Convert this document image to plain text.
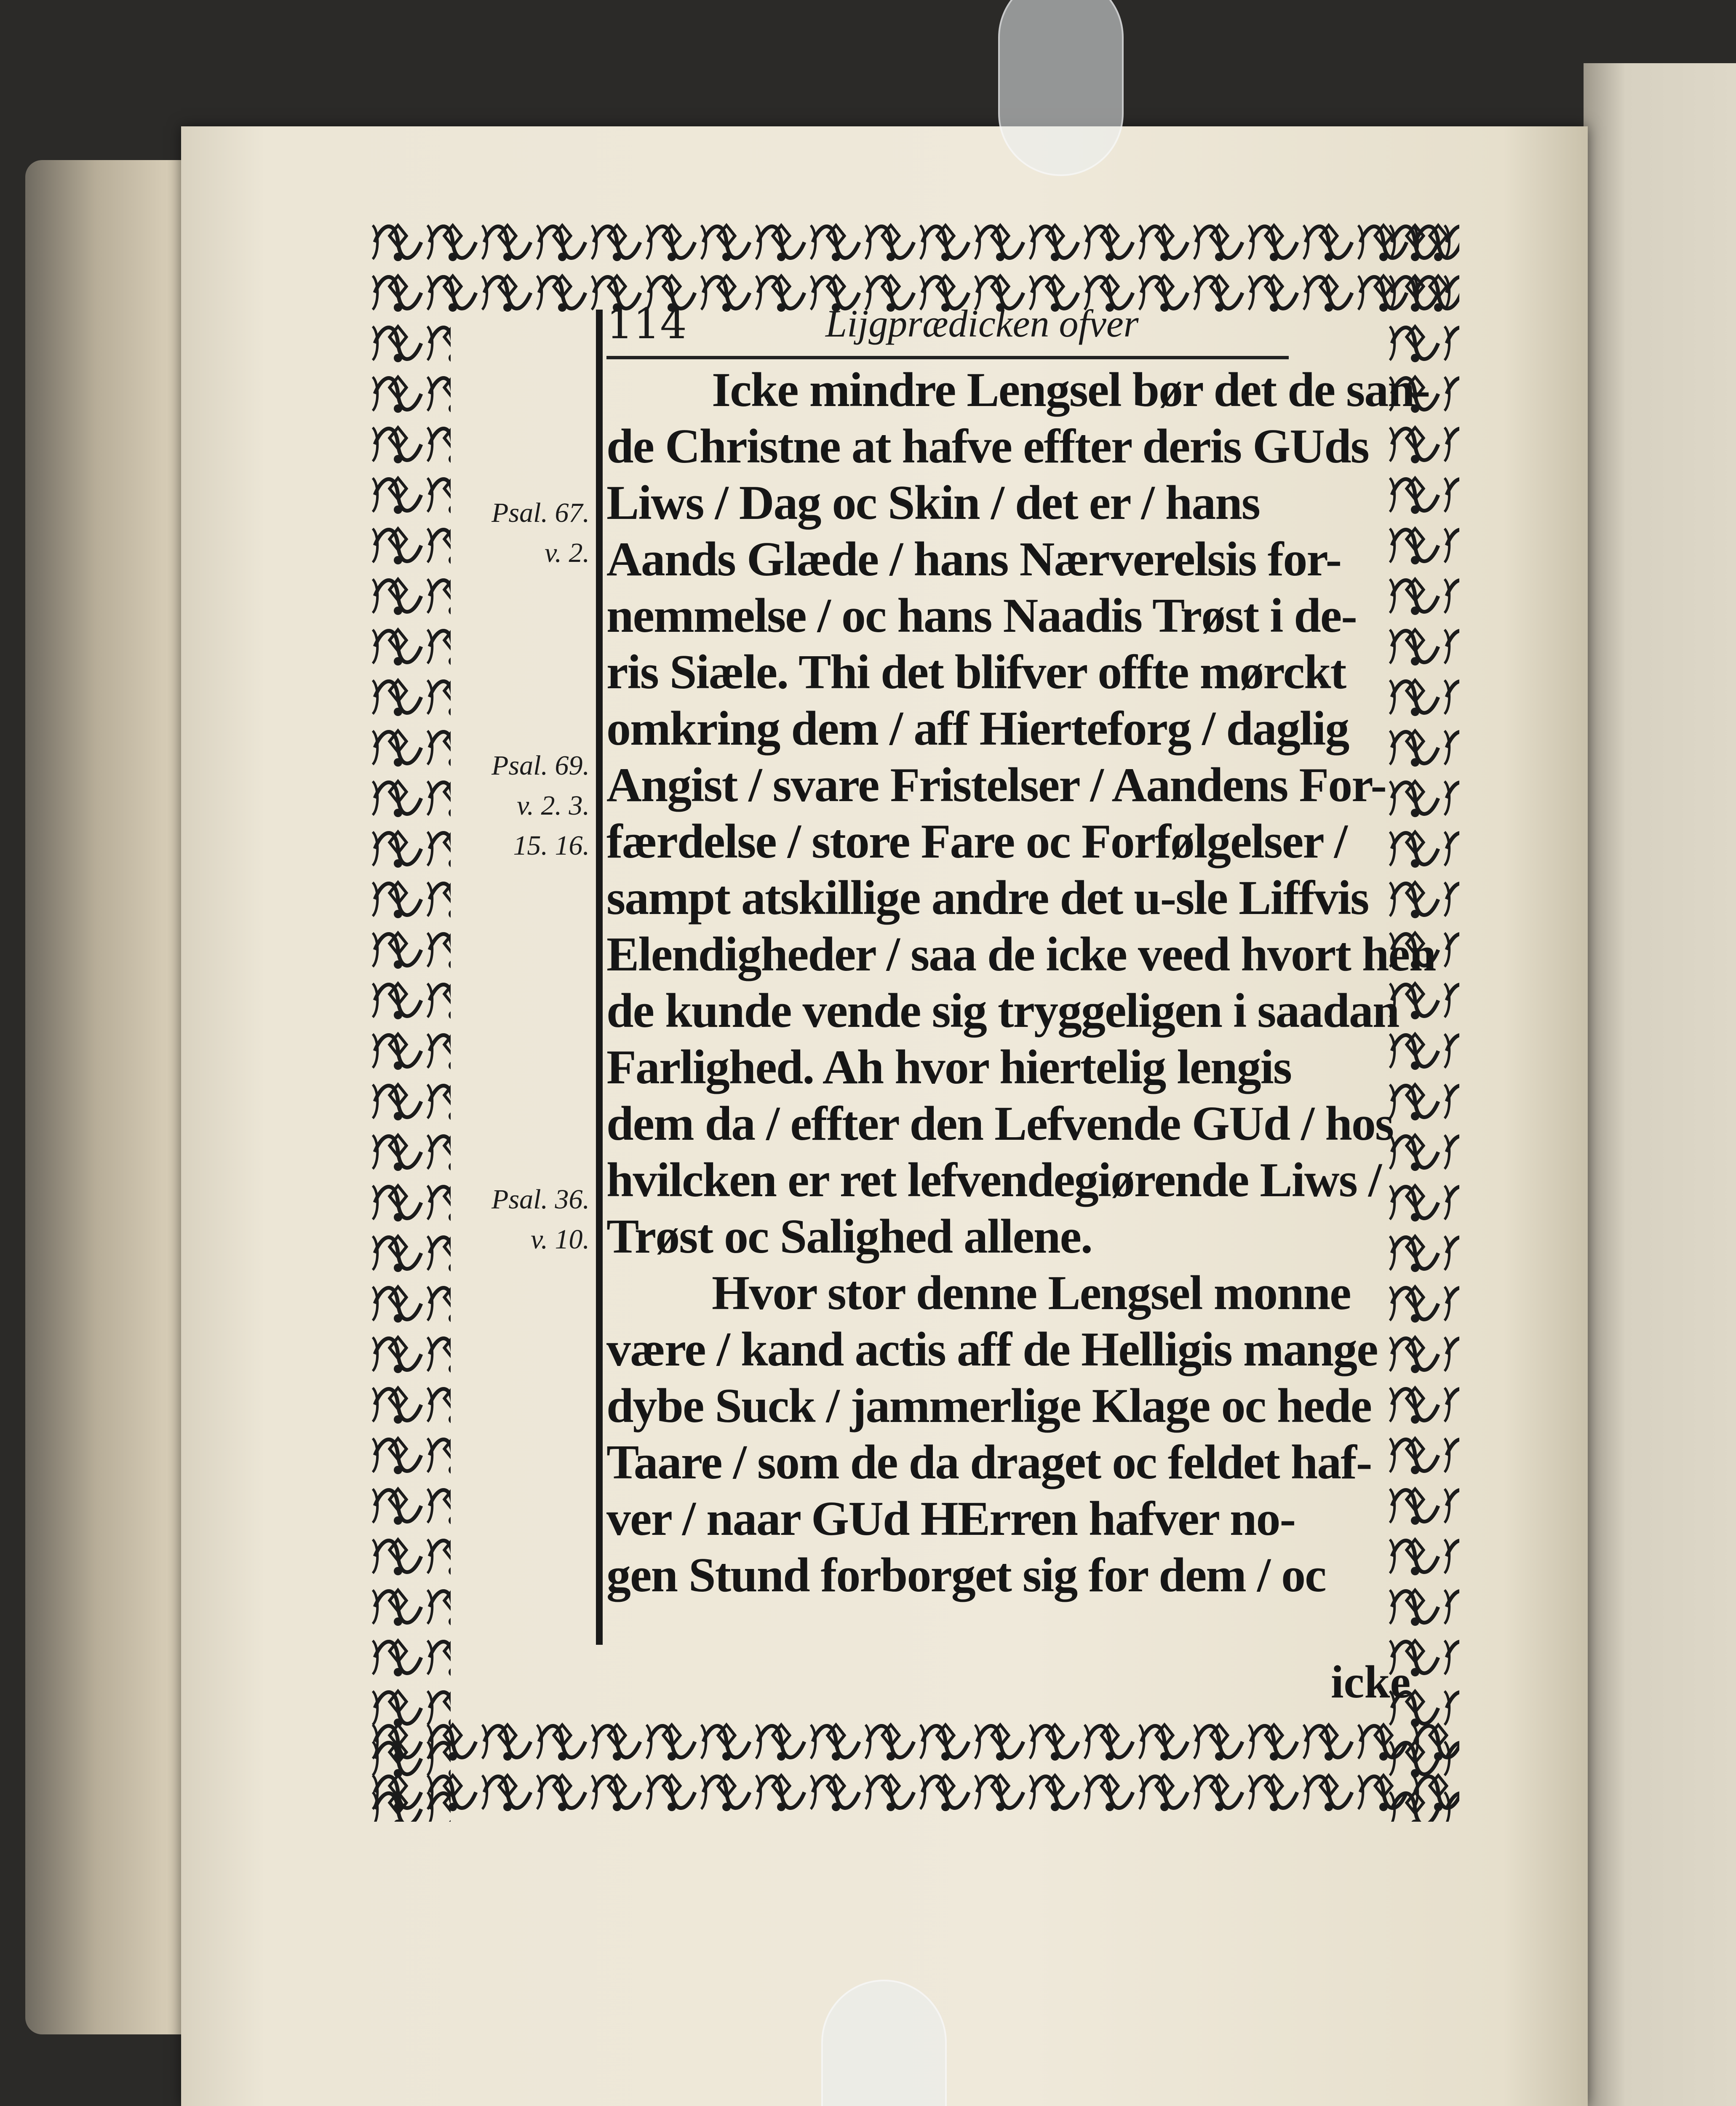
114	Lijgprædicken ofver
Psal. 67.
v. 2.
Psal. 69.
v. 2. 3.
15. 16.
Psal. 36.
v. 10.
Icke mindre Lengsel bør det de san-
de Christne at hafve effter deris GUds
Liws / Dag oc Skin / det er / hans
Aands Glæde / hans Nærverelsis for-
nemmelse / oc hans Naadis Trøst i de-
ris Siæle. Thi det blifver offte mørckt
omkring dem / aff Hierteforg / daglig
Angist / svare Fristelser / Aandens For-
færdelse / store Fare oc Forfølgelser /
sampt atskillige andre det u-sle Liffvis
Elendigheder / saa de icke veed hvort hen
de kunde vende sig tryggeligen i saadan
Farlighed. Ah hvor hiertelig lengis
dem da / effter den Lefvende GUd / hos
hvilcken er ret lefvendegiørende Liws /
Trøst oc Salighed allene.
Hvor stor denne Lengsel monne
være / kand actis aff de Helligis mange
dybe Suck / jammerlige Klage oc hede
Taare / som de da draget oc feldet haf-
ver / naar GUd HErren hafver no-
gen Stund forborget sig for dem / oc
icke
